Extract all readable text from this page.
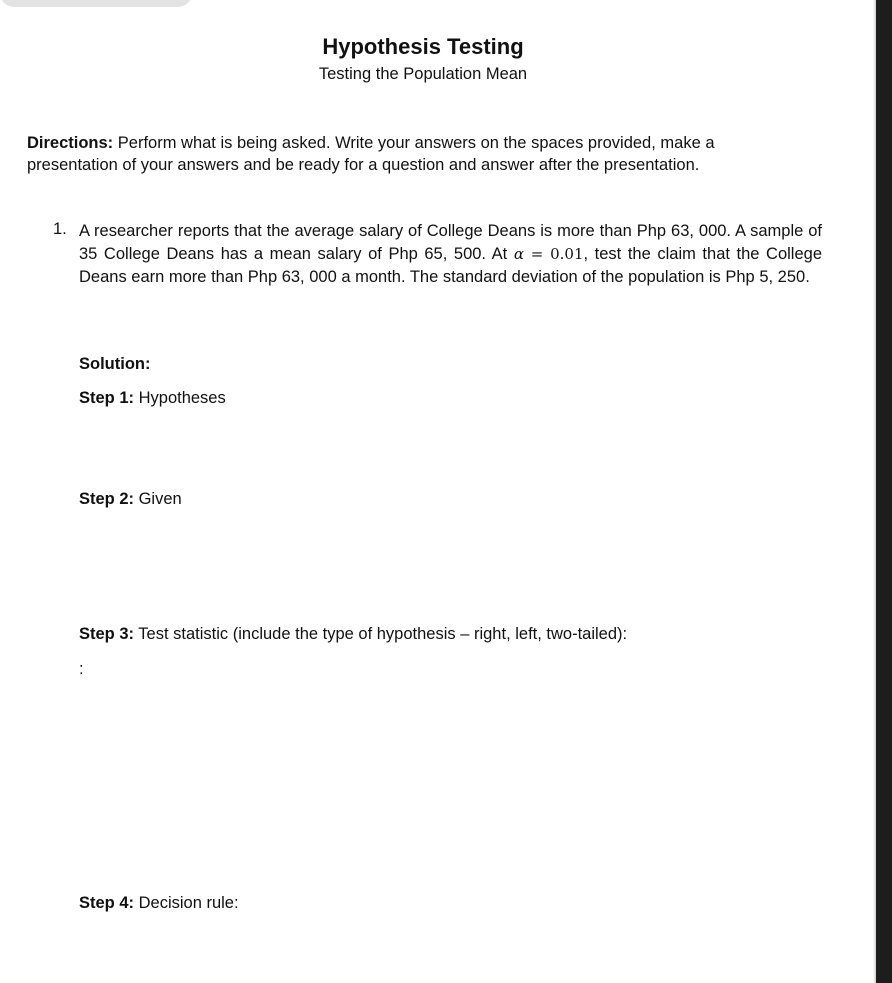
Hypothesis Testing

Testing the Population Mean

Directions: Perform what is being asked. Write your answers on the spaces provided, make a presentation of your answers and be ready for a question and answer after the presentation.

1. A researcher reports that the average salary of College Deans is more than Php 63, 000. A sample of 35 College Deans has a mean salary of Php 65, 500. At α = 0.01, test the claim that the College Deans earn more than Php 63, 000 a month. The standard deviation of the population is Php 5, 250.

Solution:

Step 1: Hypotheses

Step 2: Given

Step 3: Test statistic (include the type of hypothesis – right, left, two-tailed):

:

Step 4: Decision rule:
